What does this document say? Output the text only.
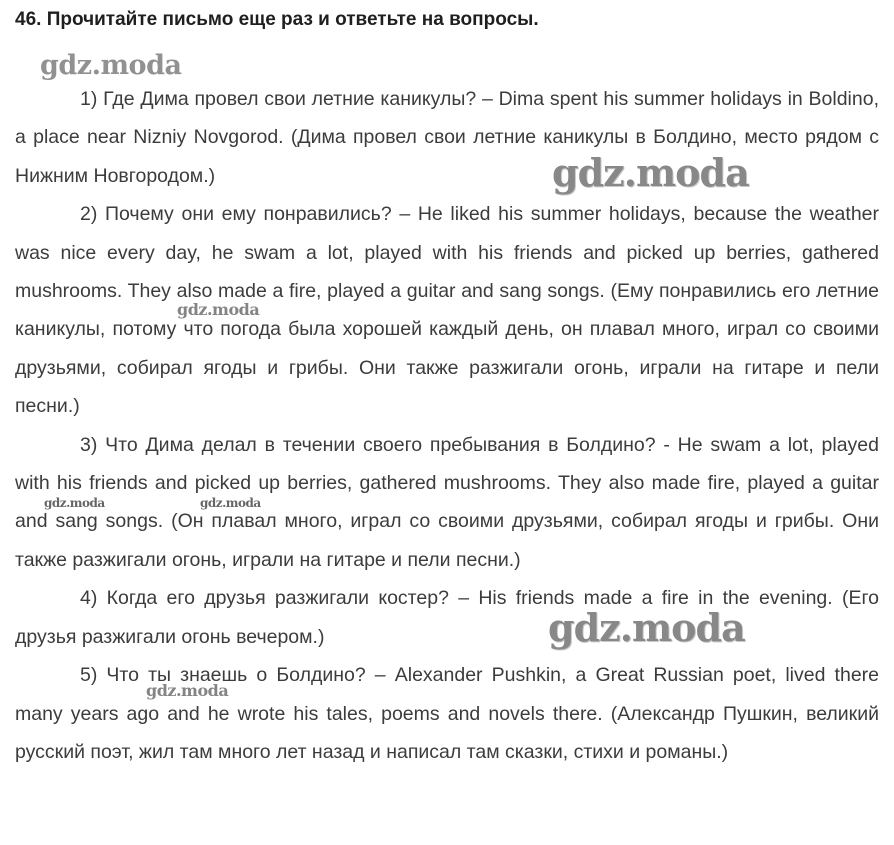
46. Прочитайте письмо еще раз и ответьте на вопросы.

1) Где Дима провел свои летние каникулы? – Dima spent his summer holidays in Boldino, a place near Nizniy Novgorod. (Дима провел свои летние каникулы в Болдино, место рядом с Нижним Новгородом.)

2) Почему они ему понравились? – He liked his summer holidays, because the weather was nice every day, he swam a lot, played with his friends and picked up berries, gathered mushrooms. They also made a fire, played a guitar and sang songs. (Ему понравились его летние каникулы, потому что погода была хорошей каждый день, он плавал много, играл со своими друзьями, собирал ягоды и грибы. Они также разжигали огонь, играли на гитаре и пели песни.)

3) Что Дима делал в течении своего пребывания в Болдино? - He swam a lot, played with his friends and picked up berries, gathered mushrooms. They also made fire, played a guitar and sang songs. (Он плавал много, играл со своими друзьями, собирал ягоды и грибы. Они также разжигали огонь, играли на гитаре и пели песни.)

4) Когда его друзья разжигали костер? – His friends made a fire in the evening. (Его друзья разжигали огонь вечером.)

5) Что ты знаешь о Болдино? – Alexander Pushkin, a Great Russian poet, lived there many years ago and he wrote his tales, poems and novels there. (Александр Пушкин, великий русский поэт, жил там много лет назад и написал там сказки, стихи и романы.)

gdz.moda
gdz.moda
gdz.moda
gdz.moda	gdz.moda
gdz.moda
gdz.moda
